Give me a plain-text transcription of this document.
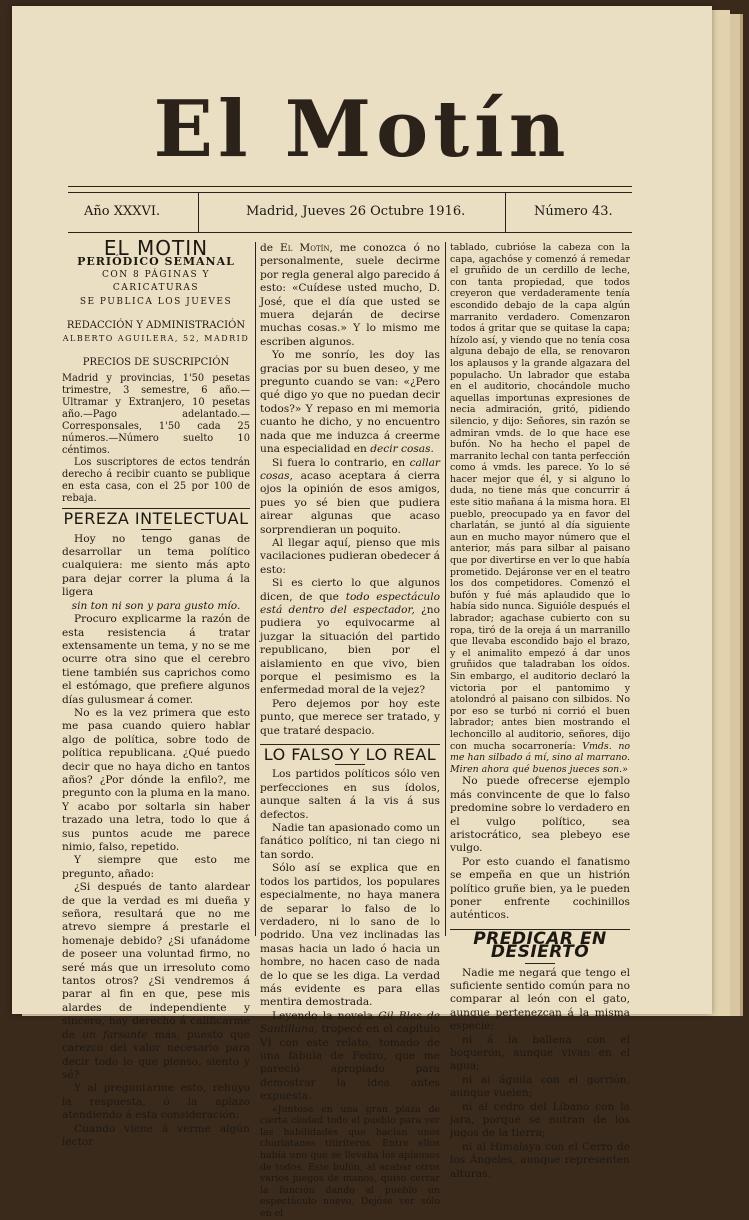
El Motín
Año XXXVI.	Madrid, Jueves 26 Octubre 1916.	Número 43.

EL MOTIN

PERIÓDICO SEMANAL

CON 8 PÁGINAS Y CARICATURAS

SE PUBLICA LOS JUEVES

REDACCIÓN Y ADMINISTRACIÓN

ALBERTO AGUILERA, 52, MADRID

PRECIOS DE SUSCRIPCIÓN

Madrid y provincias, 1'50 pesetas trimestre, 3 semestre, 6 año.—Ultramar y Extranjero, 10 pesetas año.—Pago adelantado.—Corresponsales, 1'50 cada 25 números.—Número suelto 10 céntimos.

Los suscriptores de ectos tendrán derecho á recibir cuanto se publique en esta casa, con el 25 por 100 de rebaja.

PEREZA INTELECTUAL

Hoy no tengo ganas de desarrollar un tema político cualquiera: me siento más apto para dejar correr la pluma á la ligera

sin ton ni son y para gusto mío.

Procuro explicarme la razón de esta resistencia á tratar extensamente un tema, y no se me ocurre otra sino que el cerebro tiene también sus caprichos como el estómago, que prefiere algunos días gulusmear á comer.

No es la vez primera que esto me pasa cuando quiero hablar algo de política, sobre todo de política republicana. ¿Qué puedo decir que no haya dicho en tantos años? ¿Por dónde la enfilo?, me pregunto con la pluma en la mano. Y acabo por soltarla sin haber trazado una letra, todo lo que á sus puntos acude me parece nimio, falso, repetido.

Y siempre que esto me pregunto, añado:

¿Si después de tanto alardear de que la verdad es mi dueña y señora, resultará que no me atrevo siempre á prestarle el homenaje debido? ¿Si ufanádome de poseer una voluntad firmo, no seré más que un irresoluto como tantos otros? ¿Si vendremos á parar al fin en que, pese mis alardes de independiente y sincero, hay derecho á calificarme de un farsante más, puesto que carezco del valor necesario para decir todo lo que pienso, siento y sé?

Y al preguntarme esto, rehuyo la respuesta, ó la aplazo atendiendo á esta consideración:

Cuando viene á verme algún lector

de El Motín, me conozca ó no personalmente, suele decirme por regla general algo parecido á esto: «Cuídese usted mucho, D. José, que el día que usted se muera dejarán de decirse muchas cosas.» Y lo mismo me escriben algunos.

Yo me sonrío, les doy las gracias por su buen deseo, y me pregunto cuando se van: «¿Pero qué digo yo que no puedan decir todos?» Y repaso en mi memoria cuanto he dicho, y no encuentro nada que me induzca á creerme una especialidad en decir cosas.

Si fuera lo contrario, en callar cosas, acaso aceptara á cierra ojos la opinión de esos amigos, pues yo sé bien que pudiera airear algunas que acaso sorprendieran un poquito.

Al llegar aquí, pienso que mis vacilaciones pudieran obedecer á esto:

Si es cierto lo que algunos dicen, de que todo espectáculo está dentro del espectador, ¿no pudiera yo equivocarme al juzgar la situación del partido republicano, bien por el aislamiento en que vivo, bien porque el pesimismo es la enfermedad moral de la vejez?

Pero dejemos por hoy este punto, que merece ser tratado, y que trataré despacio.

LO FALSO Y LO REAL

Los partidos políticos sólo ven perfecciones en sus ídolos, aunque salten á la vis á sus defectos.

Nadie tan apasionado como un fanático político, ni tan ciego ni tan sordo.

Sólo así se explica que en todos los partidos, los populares especialmente, no haya manera de separar lo falso de lo verdadero, ni lo sano de lo podrido. Una vez inclinadas las masas hacia un lado ó hacia un hombre, no hacen caso de nada de lo que se les diga. La verdad más evidente es para ellas mentira demostrada.

Leyendo la novela Gil Blas de Santillana, tropecé en el capítulo VI con este relato, tomado de una fábula de Fedro, que me pareció apropiado para demostrar la idea antes expuesta.

«Juntose en una gran plaza de cierta ciudad todo el pueblo para ver las habilidades que hacían unos charlatanes titiriteros. Entre ellos había uno que se llevaba los aplausos de todos. Este bufón, al acabar otros varios juegos de manos, quiso cerrar la función dando al pueblo un espectáculo nuevo. Dejóse ver sólo en el

tablado, cubrióse la cabeza con la capa, agachóse y comenzó á remedar el gruñido de un cerdillo de leche, con tanta propiedad, que todos creyeron que verdaderamente tenía escondido debajo de la capa algún marranito verdadero. Comenzaron todos á gritar que se quitase la capa; hízolo así, y viendo que no tenía cosa alguna debajo de ella, se renovaron los aplausos y la grande algazara del populacho. Un labrador que estaba en el auditorio, chocándole mucho aquellas importunas expresiones de necia admiración, gritó, pidiendo silencio, y dijo: Señores, sin razón se admiran vmds. de lo que hace ese bufón. No ha hecho el papel de marranito lechal con tanta perfección como á vmds. les parece. Yo lo sé hacer mejor que él, y si alguno lo duda, no tiene más que concurrir á este sitio mañana á la misma hora. El pueblo, preocupado ya en favor del charlatán, se juntó al día siguiente aun en mucho mayor número que el anterior, más para silbar al paisano que por divertirse en ver lo que había prometido. Dejáronse ver en el teatro los dos competidores. Comenzó el bufón y fué más aplaudido que lo había sido nunca. Siguióle después el labrador; agachase cubierto con su ropa, tiró de la oreja á un marranillo que llevaba escondido bajo el brazo, y el animalito empezó á dar unos gruñidos que taladraban los oídos. Sin embargo, el auditorio declaró la victoria por el pantomimo y atolondró al paisano con silbidos. No por eso se turbó ni corrió el buen labrador; antes bien mostrando el lechoncillo al auditorio, señores, dijo con mucha socarronería: Vmds. no me han silbado á mí, sino al marrano. Miren ahora qué buenos jueces son.»

No puede ofrecerse ejemplo más convincente de que lo falso predomine sobre lo verdadero en el vulgo político, sea aristocrático, sea plebeyo ese vulgo.

Por esto cuando el fanatismo se empeña en que un histrión político gruñe bien, ya le pueden poner enfrente cochinillos auténticos.

PREDICAR EN DESIERTO

Nadie me negará que tengo el suficiente sentido común para no comparar al león con el gato, aunque pertenezcan á la misma especie;

ni á la ballena con el boquerón, aunque vivan en el agua;

ni al águila con el gorrión, aunque vuelen;

ni al cedro del Líbano con la jara, porque se nutran de los jugos de la tierra;

ni al Himalaya con el Cerro de los Ángeles, aunque representen alturas.
